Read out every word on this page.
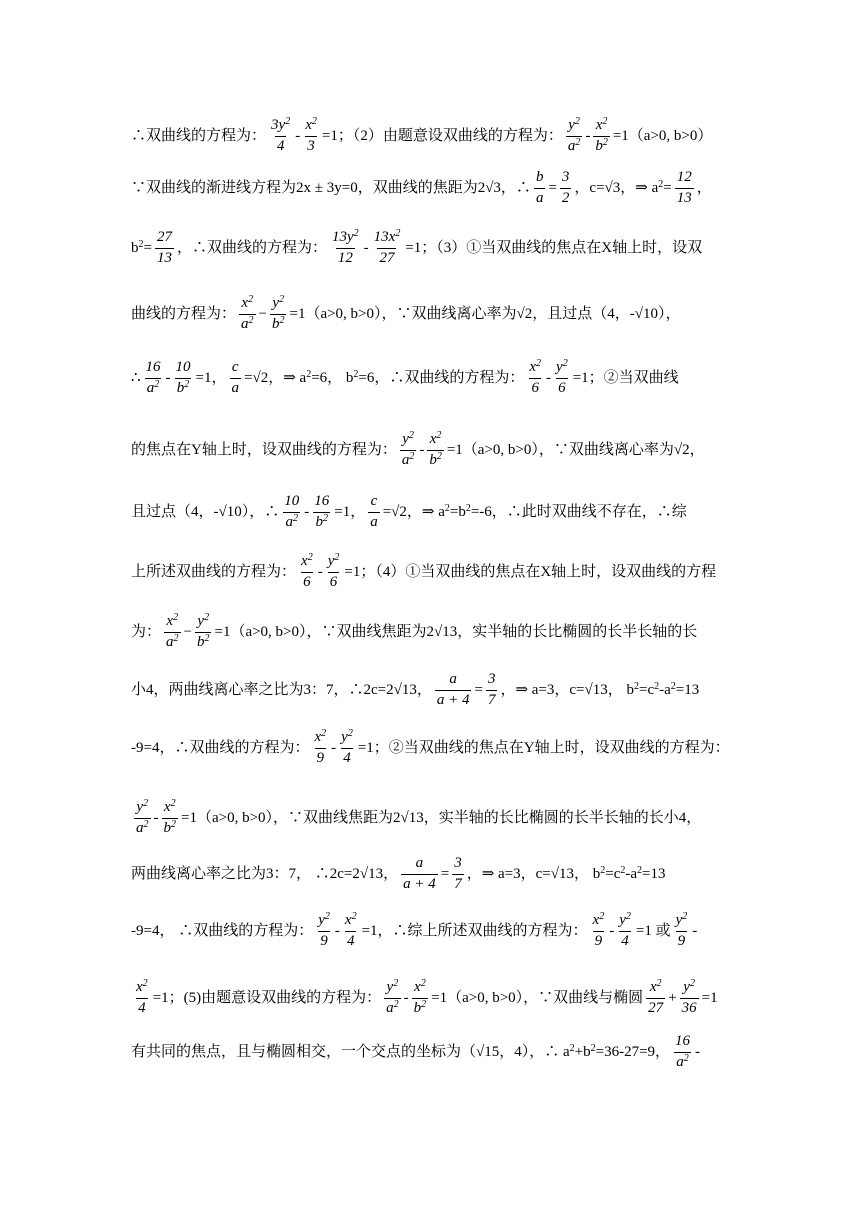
∴双曲线的方程为： $\frac{3y^2}{4} - \frac{x^2}{3} =1$；（2）由题意设双曲线的方程为： $\frac{y^2}{a^2} - \frac{x^2}{b^2} =1(a>0$, b>0）
∵双曲线的渐进线方程为2x ± 3y=0，双曲线的焦距为2√3，∴ $\frac{b}{a} = \frac{3}{2}$ ，c=√3，⇒ $a^2= \frac{12}{13}$ ，
$b^2= \frac{27}{13}$ ，∴双曲线的方程为： $\frac{13y^2}{12} - \frac{13x^2}{27} =1$；（3）①当双曲线的焦点在X轴上时，设双
曲线的方程为： $\frac{x^2}{a^2} - \frac{y^2}{b^2} =1(a>0$, b>0），∵双曲线离心率为√2，且过点（4，-√10），
∴ $\frac{16}{a^2} - \frac{10}{b^2} =1$， $\frac{c}{a} =√2$，⇒ $a^2=6$， $b^2=6$，∴双曲线的方程为： $\frac{x^2}{6} - \frac{y^2}{6} =1$；②当双曲线
的焦点在Y轴上时，设双曲线的方程为： $\frac{y^2}{a^2} - \frac{x^2}{b^2} =1(a>0$, b>0），∵双曲线离心率为√2，
且过点（4，-√10），∴ $\frac{10}{a^2} - \frac{16}{b^2} =1$， $\frac{c}{a} =√2$，⇒ $a^2=b^2=-6$，∴此时双曲线不存在，∴综
上所述双曲线的方程为： $\frac{x^2}{6} - \frac{y^2}{6} =1$；（4）①当双曲线的焦点在X轴上时，设双曲线的方程
为： $\frac{x^2}{a^2} - \frac{y^2}{b^2} =1(a>0$, b>0），∵双曲线焦距为2√13，实半轴的长比椭圆的长半长轴的长
小4，两曲线离心率之比为3：7，∴2c=2√13， $\frac{a}{a + 4} = \frac{3}{7}$ ，⇒ a=3，c=√13， $b^2=c^2-a^2=13$
-9=4，∴双曲线的方程为： $\frac{x^2}{9} - \frac{y^2}{4} =1$；②当双曲线的焦点在Y轴上时，设双曲线的方程为：
$\frac{y^2}{a^2} - \frac{x^2}{b^2} =1(a>0$, b>0），∵双曲线焦距为2√13，实半轴的长比椭圆的长半长轴的长小4，
两曲线离心率之比为3：7， ∴2c=2√13， $\frac{a}{a + 4} = \frac{3}{7}$ ，⇒ a=3，c=√13， $b^2=c^2-a^2=13$
-9=4， ∴双曲线的方程为： $\frac{y^2}{9} - \frac{x^2}{4} =1$，∴综上所述双曲线的方程为： $\frac{x^2}{9} - \frac{y^2}{4} =1$ 或 $\frac{y^2}{9}$ -
$\frac{x^2}{4} =1$；(5)由题意设双曲线的方程为： $\frac{y^2}{a^2} - \frac{x^2}{b^2} =1(a>0$, b>0），∵双曲线与椭圆 $\frac{x^2}{27} + \frac{y^2}{36} =1$
有共同的焦点，且与椭圆相交，一个交点的坐标为（√15，4），∴ $a^2+b^2=36-27=9$， $\frac{16}{a^2}$ -
